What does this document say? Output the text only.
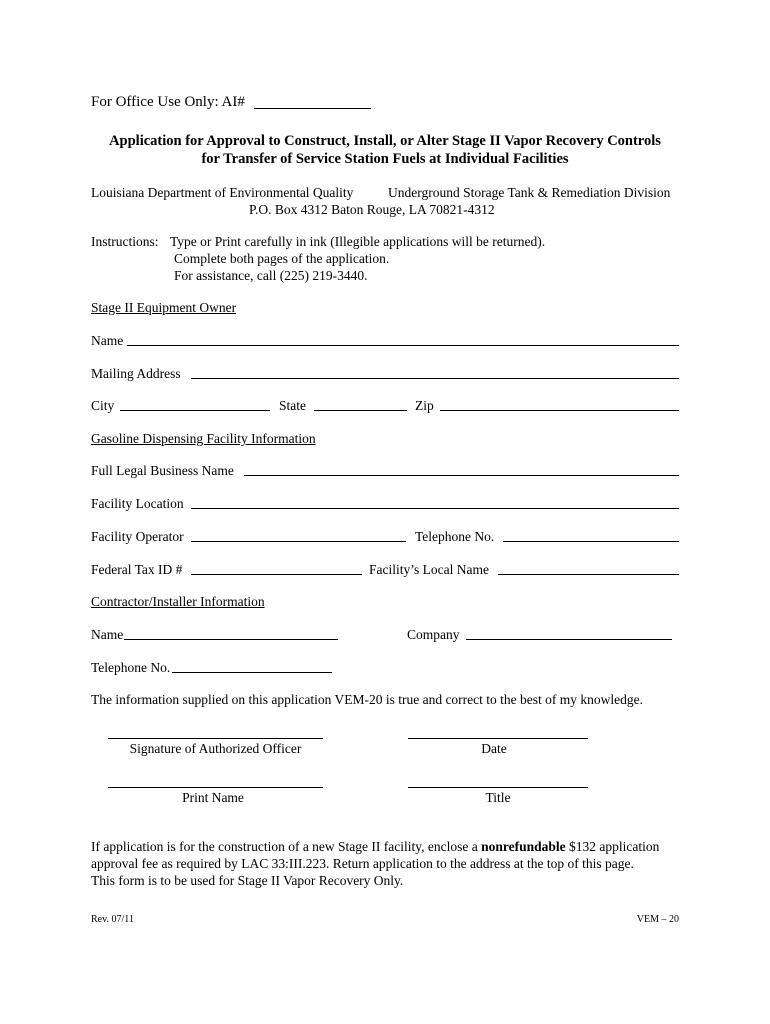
For Office Use Only: AI#
Application for Approval to Construct, Install, or Alter Stage II Vapor Recovery Controls
for Transfer of Service Station Fuels at Individual Facilities
Louisiana Department of Environmental Quality	Underground Storage Tank & Remediation Division
P.O. Box 4312 Baton Rouge, LA 70821-4312
Instructions: Type or Print carefully in ink (Illegible applications will be returned).
Complete both pages of the application.
For assistance, call (225) 219-3440.
Stage II Equipment Owner
Name
Mailing Address
City	State	Zip
Gasoline Dispensing Facility Information
Full Legal Business Name
Facility Location
Facility Operator	Telephone No.
Federal Tax ID #	Facility’s Local Name
Contractor/Installer Information
Name	Company
Telephone No.
The information supplied on this application VEM-20 is true and correct to the best of my knowledge.
Signature of Authorized Officer	Date
Print Name	Title
If application is for the construction of a new Stage II facility, enclose a nonrefundable $132 application
approval fee as required by LAC 33:III.223. Return application to the address at the top of this page.
This form is to be used for Stage II Vapor Recovery Only.
Rev. 07/11	VEM – 20
